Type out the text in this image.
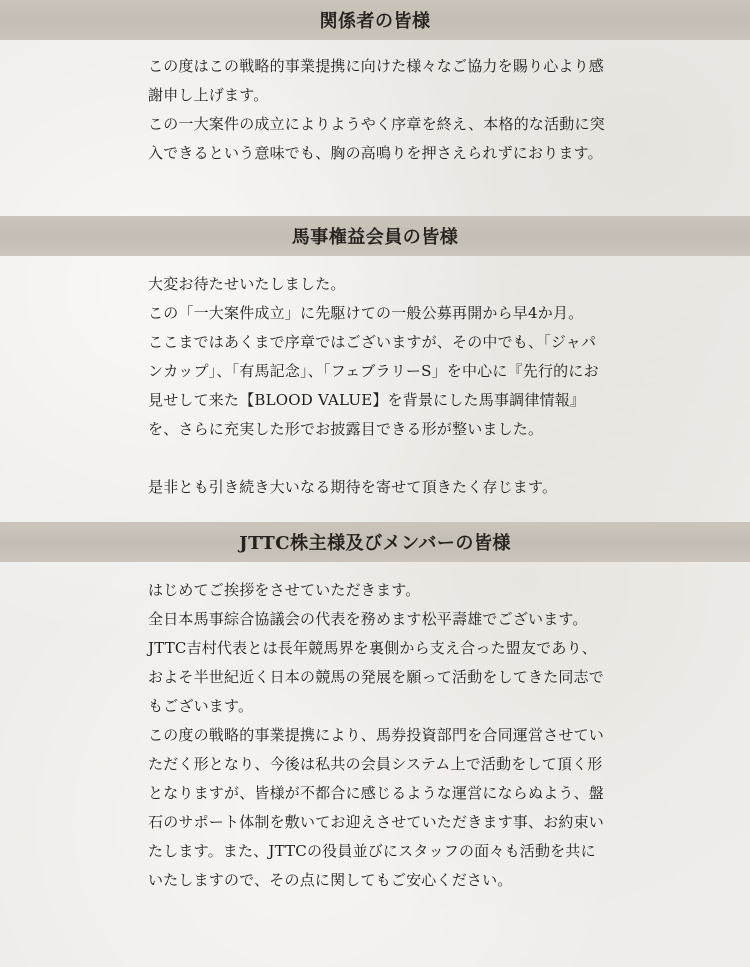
関係者の皆様

この度はこの戦略的事業提携に向けた様々なご協力を賜り心より感謝申し上げます。

この一大案件の成立によりようやく序章を終え、本格的な活動に突入できるという意味でも、胸の高鳴りを押さえられずにおります。

馬事権益会員の皆様

大変お待たせいたしました。

この「一大案件成立」に先駆けての一般公募再開から早4か月。

ここまではあくまで序章ではございますが、その中でも、「ジャパンカップ」、「有馬記念」、「フェブラリーS」を中心に『先行的にお見せして来た【BLOOD VALUE】を背景にした馬事調律情報』を、さらに充実した形でお披露目できる形が整いました。

是非とも引き続き大いなる期待を寄せて頂きたく存じます。

JTTC株主様及びメンバーの皆様

はじめてご挨拶をさせていただきます。

全日本馬事綜合協議会の代表を務めます松平壽雄でございます。

JTTC吉村代表とは長年競馬界を裏側から支え合った盟友であり、およそ半世紀近く日本の競馬の発展を願って活動をしてきた同志でもございます。

この度の戦略的事業提携により、馬券投資部門を合同運営させていただく形となり、今後は私共の会員システム上で活動をして頂く形となりますが、皆様が不都合に感じるような運営にならぬよう、盤石のサポート体制を敷いてお迎えさせていただきます事、お約束いたします。また、JTTCの役員並びにスタッフの面々も活動を共にいたしますので、その点に関してもご安心ください。
